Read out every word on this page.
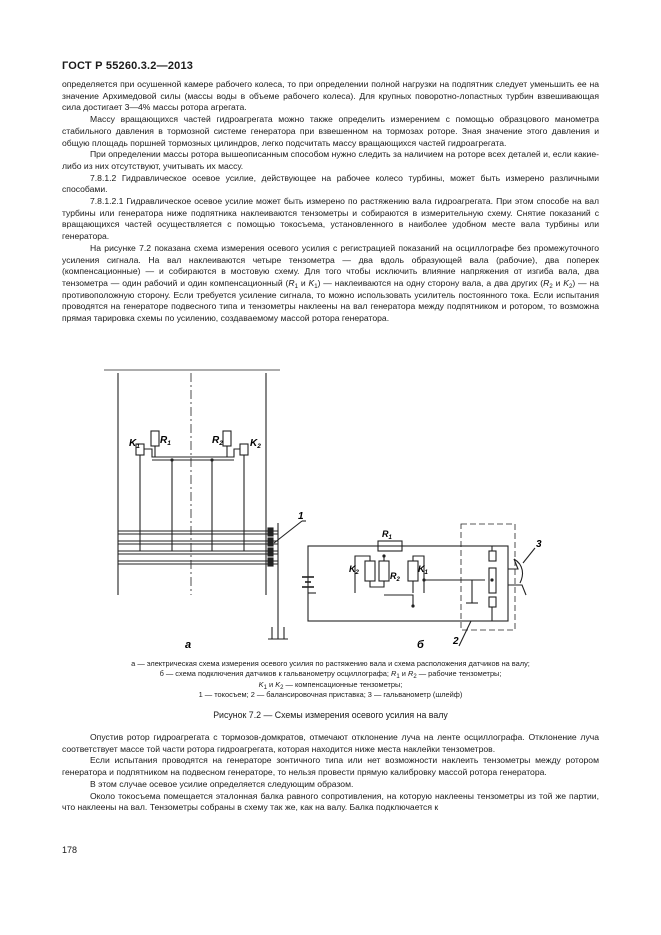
ГОСТ Р 55260.3.2—2013

определяется при осушенной камере рабочего колеса, то при определении полной нагрузки на подпятник следует уменьшить ее на значение Архимедовой силы (массы воды в объеме рабочего колеса). Для крупных поворотно-лопастных турбин взвешивающая сила достигает 3—4% массы ротора агрегата.

Массу вращающихся частей гидроагрегата можно также определить измерением с помощью образцового манометра стабильного давления в тормозной системе генератора при взвешенном на тормозах роторе. Зная значение этого давления и общую площадь поршней тормозных цилиндров, легко подсчитать массу вращающихся частей гидроагрегата.

При определении массы ротора вышеописанным способом нужно следить за наличием на роторе всех деталей и, если какие-либо из них отсутствуют, учитывать их массу.

7.8.1.2 Гидравлическое осевое усилие, действующее на рабочее колесо турбины, может быть измерено различными способами.

7.8.1.2.1 Гидравлическое осевое усилие может быть измерено по растяжению вала гидроагрегата. При этом способе на вал турбины или генератора ниже подпятника наклеиваются тензометры и собираются в измерительную схему. Снятие показаний с вращающихся частей осуществляется с помощью токосъема, установленного в наиболее удобном месте вала турбины или генератора.

На рисунке 7.2 показана схема измерения осевого усилия с регистрацией показаний на осциллографе без промежуточного усиления сигнала. На вал наклеиваются четыре тензометра — два вдоль образующей вала (рабочие), два поперек (компенсационные) — и собираются в мостовую схему. Для того чтобы исключить влияние напряжения от изгиба вала, два тензометра — один рабочий и один компенсационный ($R_1$ и $K_1$) — наклеиваются на одну сторону вала, а два других ($R_2$ и $K_2$) — на противоположную сторону. Если требуется усиление сигнала, то можно использовать усилитель постоянного тока. Если испытания проводятся на генераторе подвесного типа и тензометры наклеены на вал генератора между подпятником и ротором, то возможна прямая тарировка схемы по усилению, создаваемому массой ротора генератора.

$K_1$
$R_1$	$R_2$	$K_2$
$R_1$
$K_2$	$R_2$
$K_1$
1
2
3
а	б
а — электрическая схема измерения осевого усилия по растяжению вала и схема расположения датчиков на валу;
б — схема подключения датчиков к гальванометру осциллографа; $R_1$ и $R_2$ — рабочие тензометры;
$K_1$ и $K_2$ — компенсационные тензометры;
1 — токосъем; 2 — балансировочная приставка; 3 — гальванометр (шлейф)
Рисунок 7.2 — Схемы измерения осевого усилия на валу

Опустив ротор гидроагрегата с тормозов-домкратов, отмечают отклонение луча на ленте осциллографа. Отклонение луча соответствует массе той части ротора гидроагрегата, которая находится ниже места наклейки тензометров.

Если испытания проводятся на генераторе зонтичного типа или нет возможности наклеить тензометры между ротором генератора и подпятником на подвесном генераторе, то нельзя провести прямую калибровку массой ротора генератора.

В этом случае осевое усилие определяется следующим образом.

Около токосъема помещается эталонная балка равного сопротивления, на которую наклеены тензометры из той же партии, что наклеены на вал. Тензометры собраны в схему так же, как на валу. Балка подключается к

178
